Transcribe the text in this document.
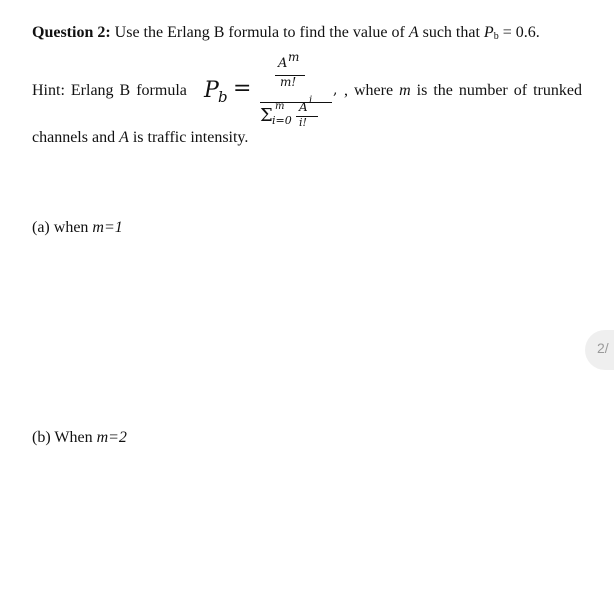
Question 2: Use the Erlang B formula to find the value of A such that $P_b = 0.6$.
Hint: Erlang B formula P b =
A m
m!
Σ m
i=0
A i
i!
, , where m is the number of trunked
channels and A is traffic intensity.
(a) when m=1
(b) When m=2
2/
